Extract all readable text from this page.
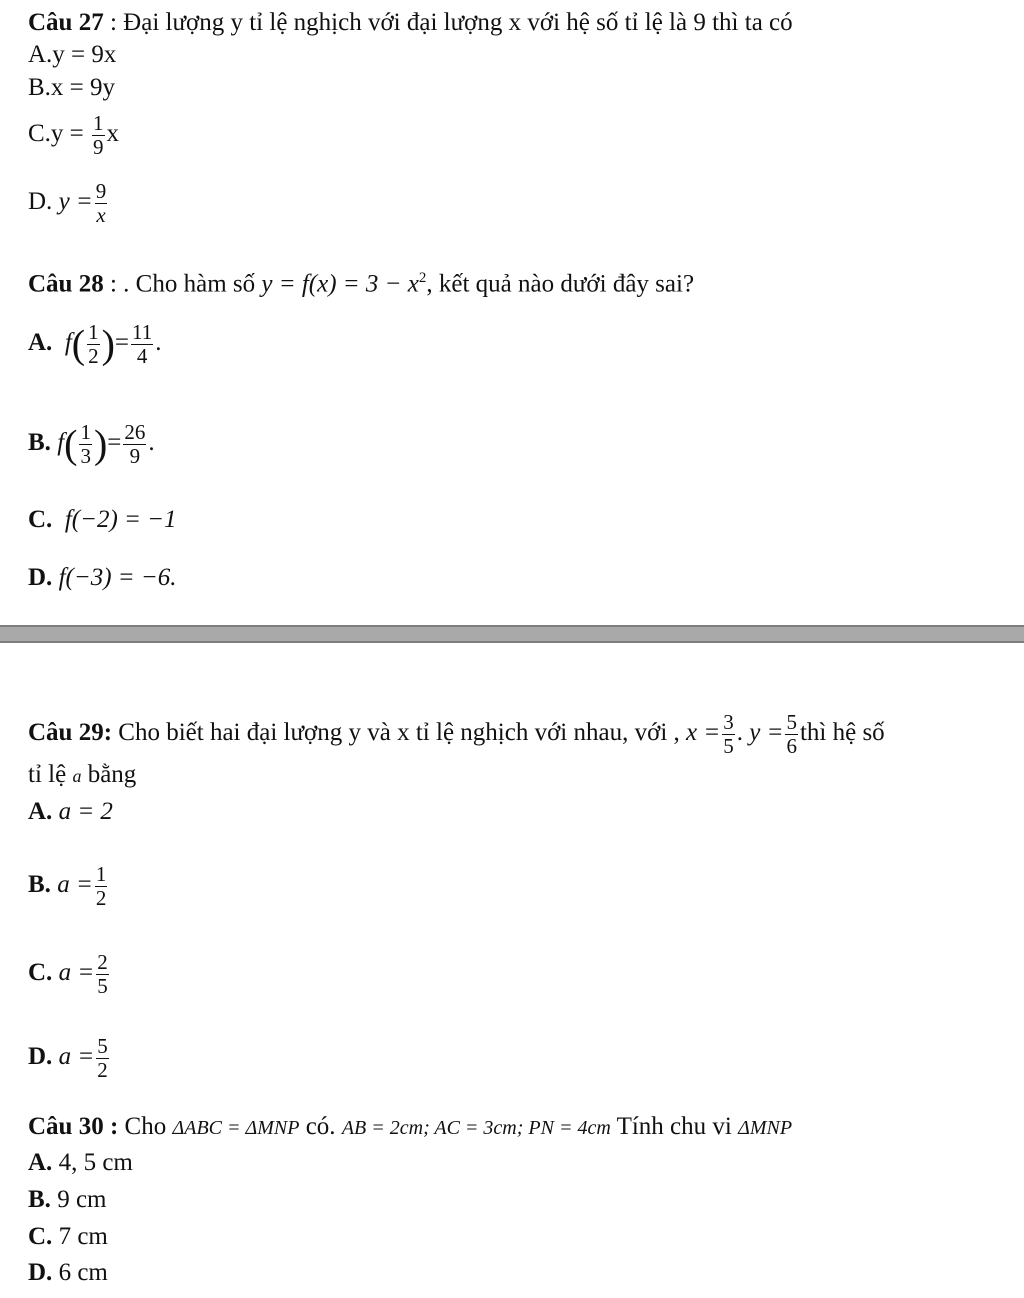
Câu 27 : Đại lượng y tỉ lệ nghịch với đại lượng x với hệ số tỉ lệ là 9 thì ta có
A.y = 9x
B.x = 9y
$C.y = \frac{1}{9}$ x
D. $y = \frac{9}{x}$
Câu 28 : . Cho hàm số $y = f(x) = 3 - x^2$, kết quả nào dưới đây sai?
A. $f( \frac{1}{2}$ )= $\frac{11}{4}$ .
B. $f( \frac{1}{3}$ )= $\frac{26}{9}$ .
C. f(−2) = −1
D. f(−3) = −6.
Câu 29: Cho biết hai đại lượng y và x tỉ lệ nghịch với nhau, với , $x = \frac{3}{5}$ . $y = \frac{5}{6}$ thì hệ số
tỉ lệ a bằng
A. a = 2
B. $a = \frac{1}{2}$
C. $a = \frac{2}{5}$
D. $a = \frac{5}{2}$
Câu 30 : Cho ΔABC = ΔMNP có. AB = 2cm; AC = 3cm; PN = 4cm Tính chu vi ΔMNP
A. 4, 5 cm
B. 9 cm
C. 7 cm
D. 6 cm
